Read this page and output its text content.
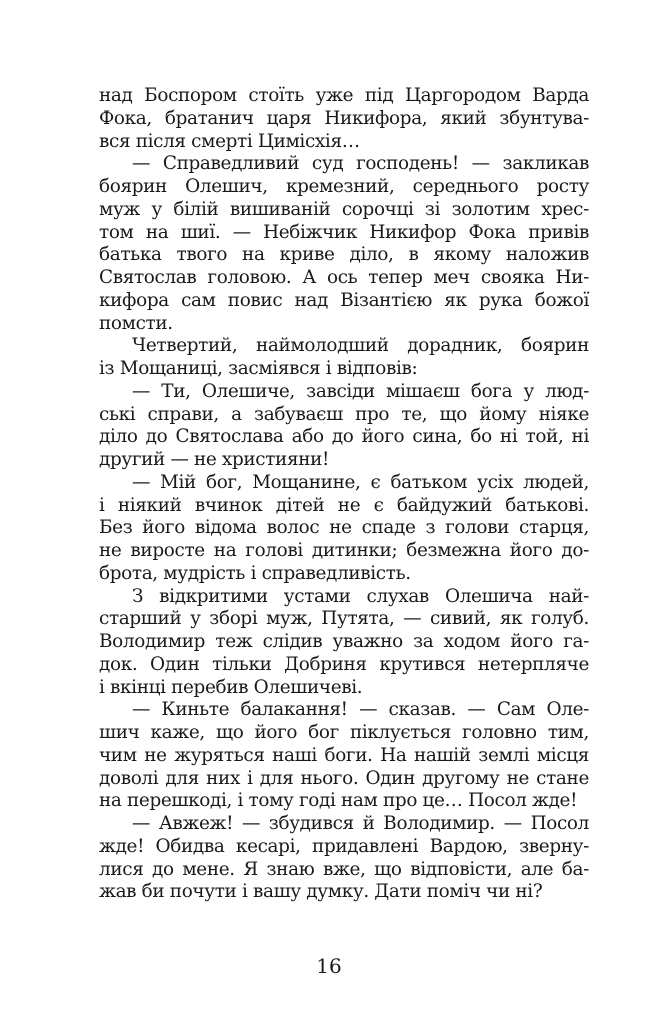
над Боспором стоїть уже під Царгородом Варда
Фока, братанич царя Никифора, який збунтува-
вся після смерті Цимісхія…
— Справедливий суд господень! — закликав
боярин Олешич, кремезний, середнього росту
муж у білій вишиваній сорочці зі золотим хрес-
том на шиї. — Небіжчик Никифор Фока привів
батька твого на криве діло, в якому наложив
Святослав головою. А ось тепер меч свояка Ни-
кифора сам повис над Візантією як рука божої
помсти.
Четвертий, наймолодший дорадник, боярин
із Мощаниці, засміявся і відповів:
— Ти, Олешиче, завсіди мішаєш бога у люд-
ські справи, а забуваєш про те, що йому ніяке
діло до Святослава або до його сина, бо ні той, ні
другий — не християни!
— Мій бог, Мощанине, є батьком усіх людей,
і ніякий вчинок дітей не є байдужий батькові.
Без його відома волос не спаде з голови старця,
не виросте на голові дитинки; безмежна його до-
брота, мудрість і справедливість.
З відкритими устами слухав Олешича най-
старший у зборі муж, Путята, — сивий, як голуб.
Володимир теж слідив уважно за ходом його га-
док. Один тільки Добриня крутився нетерпляче
і вкінці перебив Олешичеві.
— Киньте балакання! — сказав. — Сам Оле-
шич каже, що його бог піклується головно тим,
чим не журяться наші боги. На нашій землі місця
доволі для них і для нього. Один другому не стане
на перешкоді, і тому годі нам про це… Посол жде!
— Авжеж! — збудився й Володимир. — Посол
жде! Обидва кесарі, придавлені Вардою, зверну-
лися до мене. Я знаю вже, що відповісти, але ба-
жав би почути і вашу думку. Дати поміч чи ні?
16
